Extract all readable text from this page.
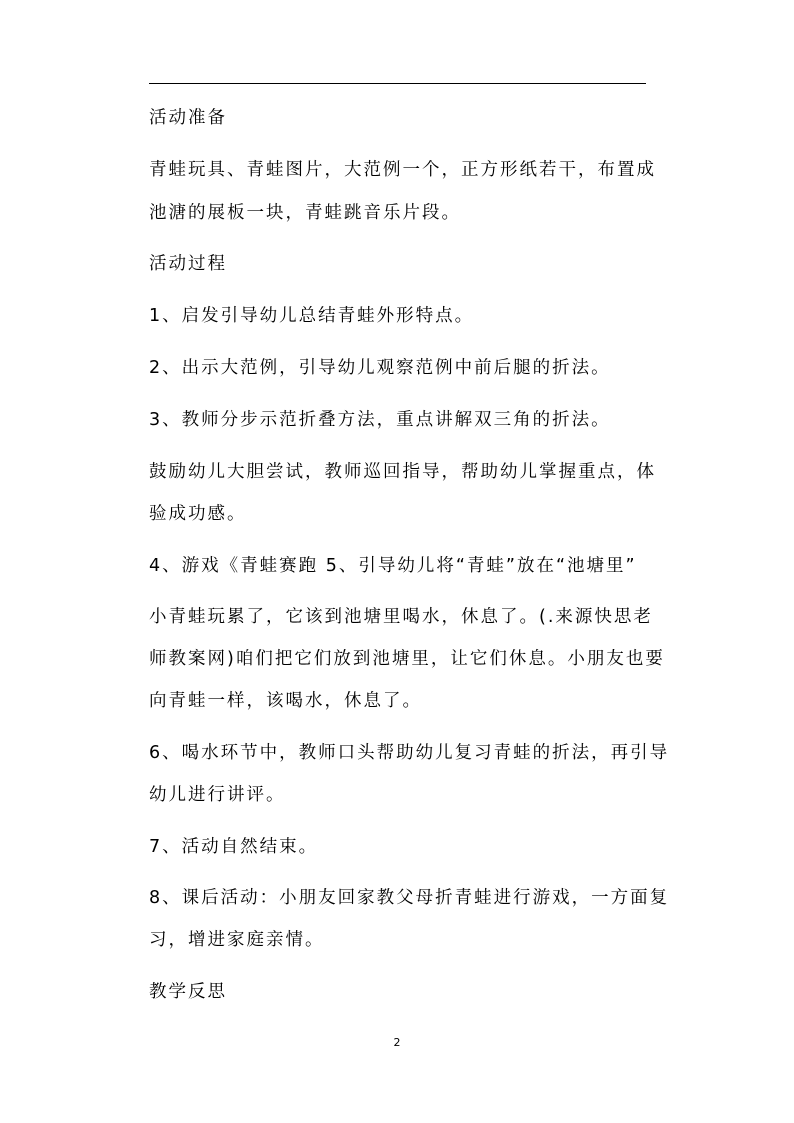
活动准备

青蛙玩具、青蛙图片，大范例一个，正方形纸若干，布置成

池溏的展板一块，青蛙跳音乐片段。

活动过程

1、启发引导幼儿总结青蛙外形特点。

2、出示大范例，引导幼儿观察范例中前后腿的折法。

3、教师分步示范折叠方法，重点讲解双三角的折法。

鼓励幼儿大胆尝试，教师巡回指导，帮助幼儿掌握重点，体

验成功感。

4、游戏《青蛙赛跑 5、引导幼儿将“青蛙”放在“池塘里”

小青蛙玩累了，它该到池塘里喝水，休息了。(.来源快思老

师教案网)咱们把它们放到池塘里，让它们休息。小朋友也要

向青蛙一样，该喝水，休息了。

6、喝水环节中，教师口头帮助幼儿复习青蛙的折法，再引导

幼儿进行讲评。

7、活动自然结束。

8、课后活动：小朋友回家教父母折青蛙进行游戏，一方面复

习，增进家庭亲情。

教学反思

2
